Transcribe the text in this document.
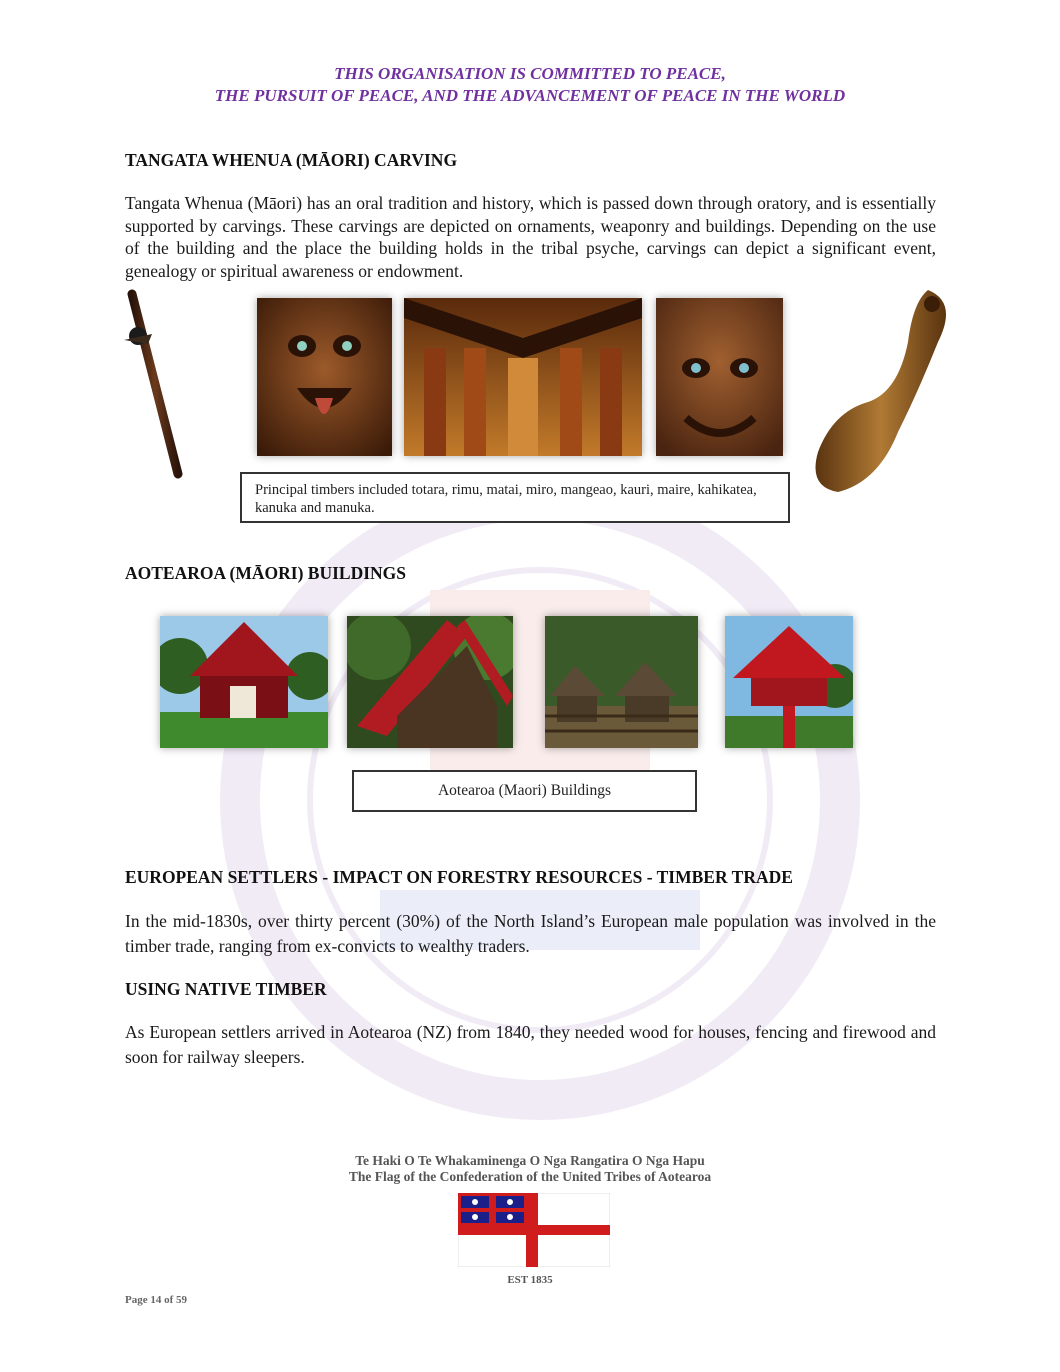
THIS ORGANISATION IS COMMITTED TO PEACE,
THE PURSUIT OF PEACE, AND THE ADVANCEMENT OF PEACE IN THE WORLD
TANGATA WHENUA (MĀORI) CARVING
Tangata Whenua (Māori) has an oral tradition and history, which is passed down through oratory, and is essentially supported by carvings. These carvings are depicted on ornaments, weaponry and buildings. Depending on the use of the building and the place the building holds in the tribal psyche, carvings can depict a significant event, genealogy or spiritual awareness or endowment.
Principal timbers included totara, rimu, matai, miro, mangeao, kauri, maire, kahikatea, kanuka and manuka.
AOTEAROA (MĀORI) BUILDINGS
Aotearoa (Maori) Buildings
EUROPEAN SETTLERS - IMPACT ON FORESTRY RESOURCES - TIMBER TRADE
In the mid-1830s, over thirty percent (30%) of the North Island’s European male population was involved in the timber trade, ranging from ex-convicts to wealthy traders.
USING NATIVE TIMBER
As European settlers arrived in Aotearoa (NZ) from 1840, they needed wood for houses, fencing and firewood and soon for railway sleepers.
Te Haki O Te Whakaminenga O Nga Rangatira O Nga Hapu
The Flag of the Confederation of the United Tribes of Aotearoa
EST 1835
Page 14 of 59
